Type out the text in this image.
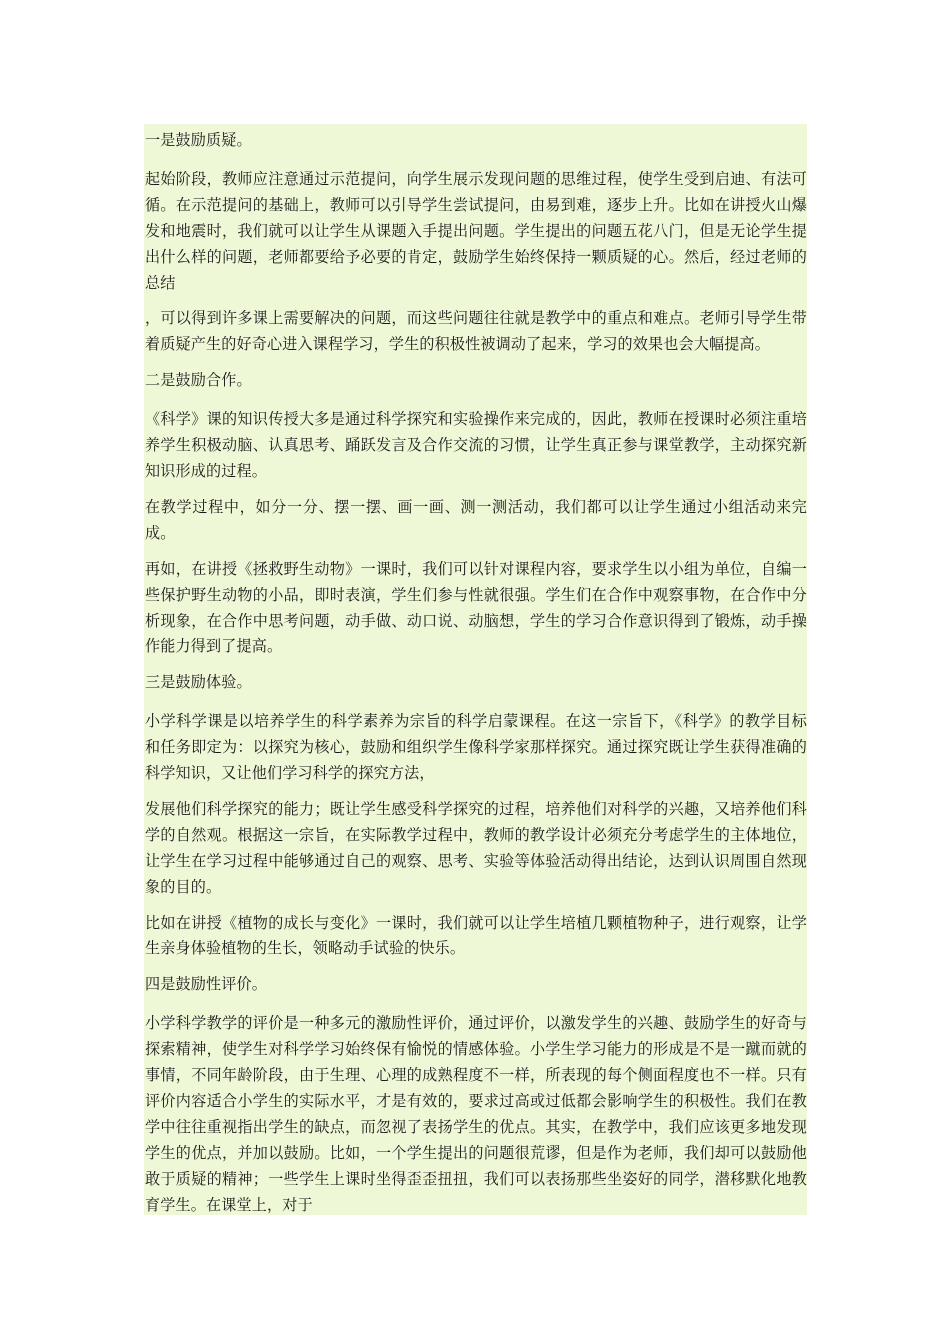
一是鼓励质疑。

起始阶段，教师应注意通过示范提问，向学生展示发现问题的思维过程，使学生受到启迪、有法可循。在示范提问的基础上，教师可以引导学生尝试提问，由易到难，逐步上升。比如在讲授火山爆发和地震时，我们就可以让学生从课题入手提出问题。学生提出的问题五花八门，但是无论学生提出什么样的问题，老师都要给予必要的肯定，鼓励学生始终保持一颗质疑的心。然后，经过老师的总结

，可以得到许多课上需要解决的问题，而这些问题往往就是教学中的重点和难点。老师引导学生带着质疑产生的好奇心进入课程学习，学生的积极性被调动了起来，学习的效果也会大幅提高。

二是鼓励合作。

《科学》课的知识传授大多是通过科学探究和实验操作来完成的，因此，教师在授课时必须注重培养学生积极动脑、认真思考、踊跃发言及合作交流的习惯，让学生真正参与课堂教学，主动探究新知识形成的过程。

在教学过程中，如分一分、摆一摆、画一画、测一测活动，我们都可以让学生通过小组活动来完成。

再如，在讲授《拯救野生动物》一课时，我们可以针对课程内容，要求学生以小组为单位，自编一些保护野生动物的小品，即时表演，学生们参与性就很强。学生们在合作中观察事物，在合作中分析现象，在合作中思考问题，动手做、动口说、动脑想，学生的学习合作意识得到了锻炼，动手操作能力得到了提高。

三是鼓励体验。

小学科学课是以培养学生的科学素养为宗旨的科学启蒙课程。在这一宗旨下，《科学》的教学目标和任务即定为：以探究为核心，鼓励和组织学生像科学家那样探究。通过探究既让学生获得准确的科学知识，又让他们学习科学的探究方法，

发展他们科学探究的能力；既让学生感受科学探究的过程，培养他们对科学的兴趣，又培养他们科学的自然观。根据这一宗旨，在实际教学过程中，教师的教学设计必须充分考虑学生的主体地位，让学生在学习过程中能够通过自己的观察、思考、实验等体验活动得出结论，达到认识周围自然现象的目的。

比如在讲授《植物的成长与变化》一课时，我们就可以让学生培植几颗植物种子，进行观察，让学生亲身体验植物的生长，领略动手试验的快乐。

四是鼓励性评价。

小学科学教学的评价是一种多元的激励性评价，通过评价，以激发学生的兴趣、鼓励学生的好奇与探索精神，使学生对科学学习始终保有愉悦的情感体验。小学生学习能力的形成是不是一蹴而就的事情，不同年龄阶段，由于生理、心理的成熟程度不一样，所表现的每个侧面程度也不一样。只有评价内容适合小学生的实际水平，才是有效的，要求过高或过低都会影响学生的积极性。我们在教学中往往重视指出学生的缺点，而忽视了表扬学生的优点。其实，在教学中，我们应该更多地发现学生的优点，并加以鼓励。比如，一个学生提出的问题很荒谬，但是作为老师，我们却可以鼓励他敢于质疑的精神；一些学生上课时坐得歪歪扭扭，我们可以表扬那些坐姿好的同学，潜移默化地教育学生。在课堂上，对于
